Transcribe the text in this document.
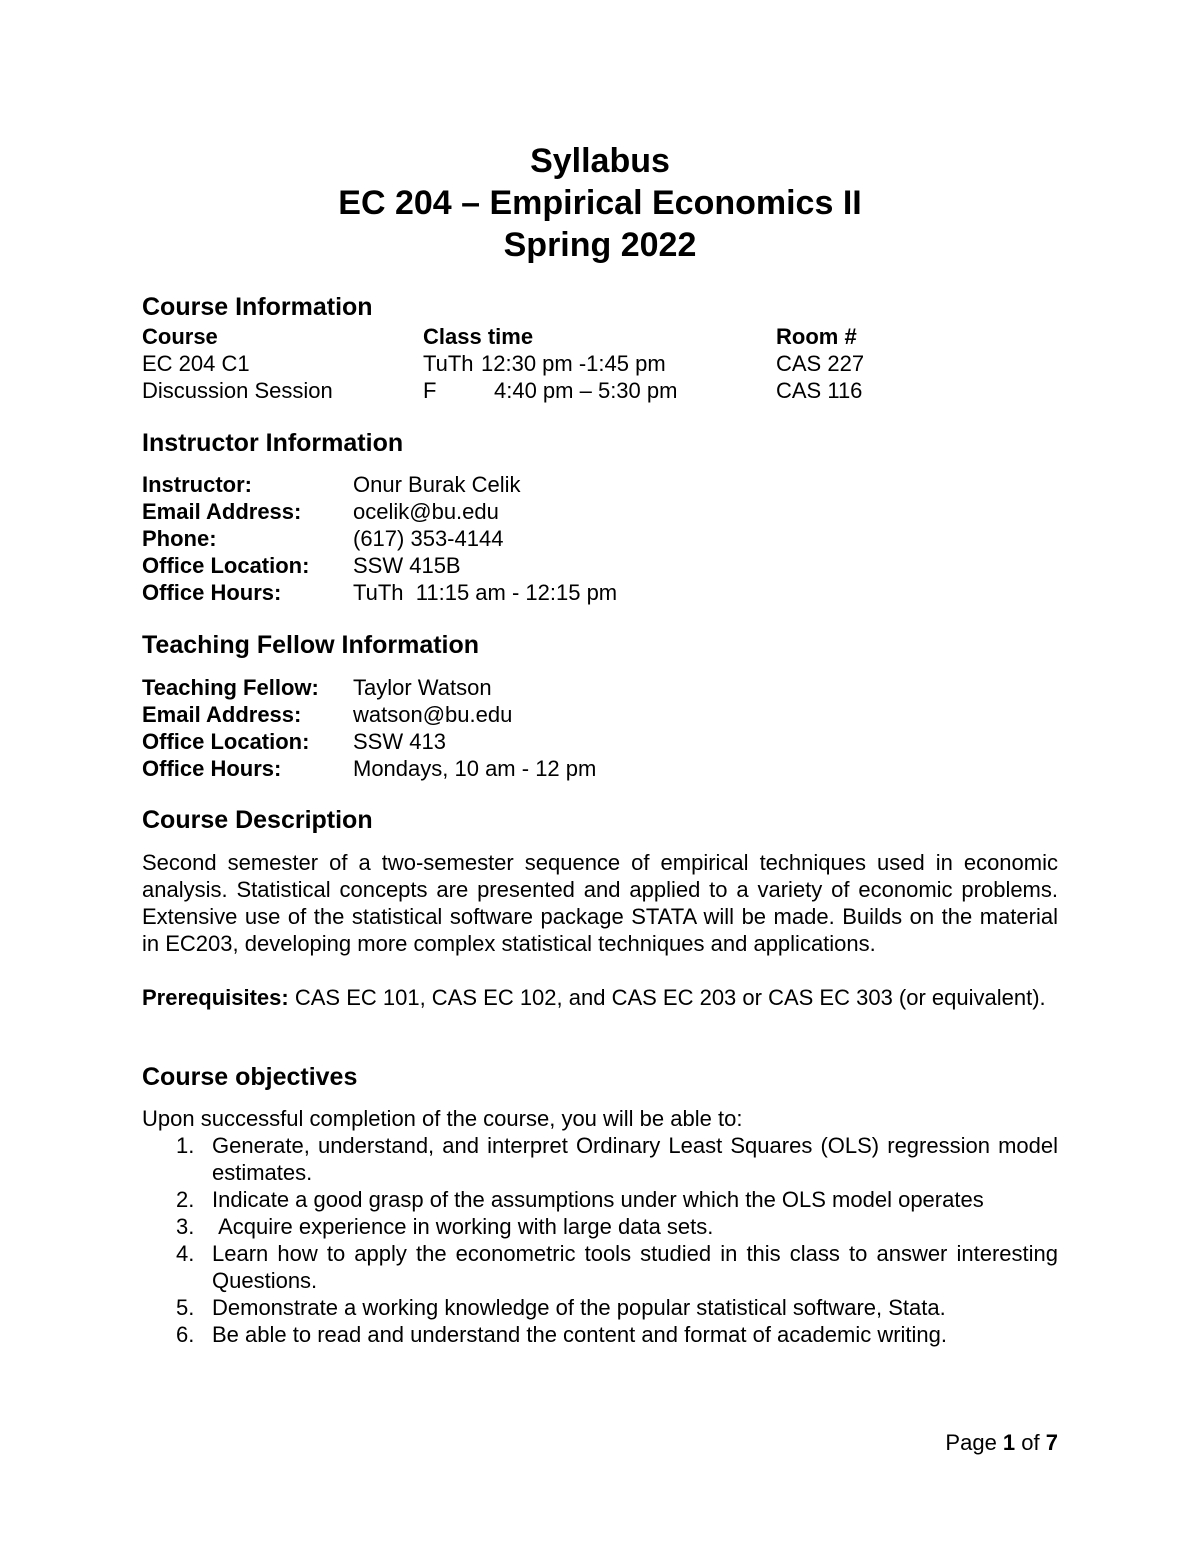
Syllabus
EC 204 – Empirical Economics II
Spring 2022
Course Information
Course	Class time	Room #
EC 204 C1	TuTh 12:30 pm -1:45 pm	CAS 227
Discussion Session	F	4:40 pm – 5:30 pm	CAS 116
Instructor Information
Instructor:	Onur Burak Celik
Email Address: ocelik@bu.edu
Phone:	(617) 353-4144
Office Location: SSW 415B
Office Hours:	TuTh  11:15 am - 12:15 pm
Teaching Fellow Information
Teaching Fellow: Taylor Watson
Email Address: watson@bu.edu
Office Location: SSW 413
Office Hours:	Mondays, 10 am - 12 pm
Course Description
Second semester of a two-semester sequence of empirical techniques used in economic analysis. Statistical concepts are presented and applied to a variety of economic problems. Extensive use of the statistical software package STATA will be made. Builds on the material in EC203, developing more complex statistical techniques and applications.
Prerequisites: CAS EC 101, CAS EC 102, and CAS EC 203 or CAS EC 303 (or equivalent).
Course objectives
Upon successful completion of the course, you will be able to:
1. Generate, understand, and interpret Ordinary Least Squares (OLS) regression model estimates.
2. Indicate a good grasp of the assumptions under which the OLS model operates
3. Acquire experience in working with large data sets.
4. Learn how to apply the econometric tools studied in this class to answer interesting Questions.
5. Demonstrate a working knowledge of the popular statistical software, Stata.
6. Be able to read and understand the content and format of academic writing.
Page 1 of 7
